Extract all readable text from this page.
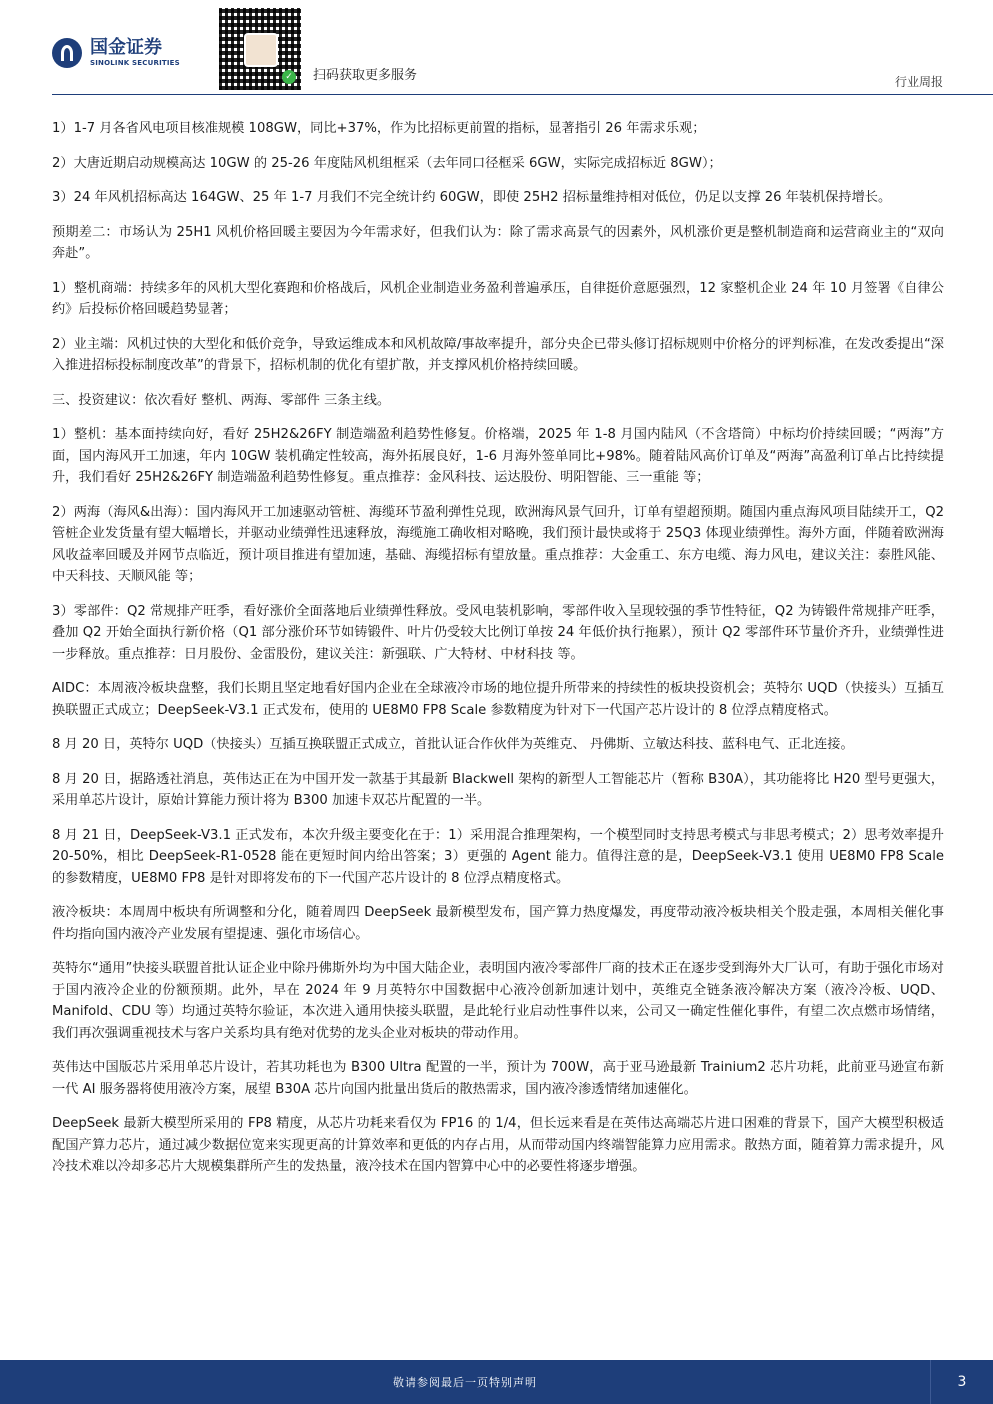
国金证券
SINOLINK SECURITIES
✓ 扫码获取更多服务	行业周报

1）1-7 月各省风电项目核准规模 108GW，同比+37%，作为比招标更前置的指标，显著指引 26 年需求乐观；

2）大唐近期启动规模高达 10GW 的 25-26 年度陆风机组框采（去年同口径框采 6GW，实际完成招标近 8GW）；

3）24 年风机招标高达 164GW、25 年 1-7 月我们不完全统计约 60GW，即使 25H2 招标量维持相对低位，仍足以支撑 26 年装机保持增长。

预期差二：市场认为 25H1 风机价格回暖主要因为今年需求好，但我们认为：除了需求高景气的因素外，风机涨价更是整机制造商和运营商业主的“双向奔赴”。

1）整机商端：持续多年的风机大型化赛跑和价格战后，风机企业制造业务盈利普遍承压，自律挺价意愿强烈，12 家整机企业 24 年 10 月签署《自律公约》后投标价格回暖趋势显著；

2）业主端：风机过快的大型化和低价竞争，导致运维成本和风机故障/事故率提升，部分央企已带头修订招标规则中价格分的评判标准，在发改委提出“深入推进招标投标制度改革”的背景下，招标机制的优化有望扩散，并支撑风机价格持续回暖。

三、投资建议：依次看好 整机、两海、零部件 三条主线。

1）整机：基本面持续向好，看好 25H2&26FY 制造端盈利趋势性修复。价格端，2025 年 1-8 月国内陆风（不含塔筒）中标均价持续回暖；“两海”方面，国内海风开工加速，年内 10GW 装机确定性较高，海外拓展良好，1-6 月海外签单同比+98%。随着陆风高价订单及“两海”高盈利订单占比持续提升，我们看好 25H2&26FY 制造端盈利趋势性修复。重点推荐：金风科技、运达股份、明阳智能、三一重能 等；

2）两海（海风&出海）：国内海风开工加速驱动管桩、海缆环节盈利弹性兑现，欧洲海风景气回升，订单有望超预期。随国内重点海风项目陆续开工，Q2 管桩企业发货量有望大幅增长，并驱动业绩弹性迅速释放，海缆施工确收相对略晚，我们预计最快或将于 25Q3 体现业绩弹性。海外方面，伴随着欧洲海风收益率回暖及并网节点临近，预计项目推进有望加速，基础、海缆招标有望放量。重点推荐：大金重工、东方电缆、海力风电，建议关注：泰胜风能、中天科技、天顺风能 等；

3）零部件：Q2 常规排产旺季，看好涨价全面落地后业绩弹性释放。受风电装机影响，零部件收入呈现较强的季节性特征，Q2 为铸锻件常规排产旺季，叠加 Q2 开始全面执行新价格（Q1 部分涨价环节如铸锻件、叶片仍受较大比例订单按 24 年低价执行拖累），预计 Q2 零部件环节量价齐升，业绩弹性进一步释放。重点推荐：日月股份、金雷股份，建议关注：新强联、广大特材、中材科技 等。

AIDC：本周液冷板块盘整，我们长期且坚定地看好国内企业在全球液冷市场的地位提升所带来的持续性的板块投资机会；英特尔 UQD（快接头）互插互换联盟正式成立；DeepSeek-V3.1 正式发布，使用的 UE8M0 FP8 Scale 参数精度为针对下一代国产芯片设计的 8 位浮点精度格式。

8 月 20 日，英特尔 UQD（快接头）互插互换联盟正式成立，首批认证合作伙伴为英维克、 丹佛斯、立敏达科技、蓝科电气、正北连接。

8 月 20 日，据路透社消息，英伟达正在为中国开发一款基于其最新 Blackwell 架构的新型人工智能芯片（暂称 B30A），其功能将比 H20 型号更强大，采用单芯片设计，原始计算能力预计将为 B300 加速卡双芯片配置的一半。

8 月 21 日，DeepSeek-V3.1 正式发布，本次升级主要变化在于：1）采用混合推理架构，一个模型同时支持思考模式与非思考模式；2）思考效率提升 20-50%，相比 DeepSeek-R1-0528 能在更短时间内给出答案；3）更强的 Agent 能力。值得注意的是，DeepSeek-V3.1 使用 UE8M0 FP8 Scale 的参数精度，UE8M0 FP8 是针对即将发布的下一代国产芯片设计的 8 位浮点精度格式。

液冷板块：本周周中板块有所调整和分化，随着周四 DeepSeek 最新模型发布，国产算力热度爆发，再度带动液冷板块相关个股走强，本周相关催化事件均指向国内液冷产业发展有望提速、强化市场信心。

英特尔“通用”快接头联盟首批认证企业中除丹佛斯外均为中国大陆企业，表明国内液冷零部件厂商的技术正在逐步受到海外大厂认可，有助于强化市场对于国内液冷企业的份额预期。此外，早在 2024 年 9 月英特尔中国数据中心液冷创新加速计划中，英维克全链条液冷解决方案（液冷冷板、UQD、Manifold、CDU 等）均通过英特尔验证，本次进入通用快接头联盟，是此轮行业启动性事件以来，公司又一确定性催化事件，有望二次点燃市场情绪，我们再次强调重视技术与客户关系均具有绝对优势的龙头企业对板块的带动作用。

英伟达中国版芯片采用单芯片设计，若其功耗也为 B300 Ultra 配置的一半，预计为 700W，高于亚马逊最新 Trainium2 芯片功耗，此前亚马逊宣布新一代 AI 服务器将使用液冷方案，展望 B30A 芯片向国内批量出货后的散热需求，国内液冷渗透情绪加速催化。

DeepSeek 最新大模型所采用的 FP8 精度，从芯片功耗来看仅为 FP16 的 1/4，但长远来看是在英伟达高端芯片进口困难的背景下，国产大模型积极适配国产算力芯片，通过减少数据位宽来实现更高的计算效率和更低的内存占用，从而带动国内终端智能算力应用需求。散热方面，随着算力需求提升，风冷技术难以冷却多芯片大规模集群所产生的发热量，液冷技术在国内智算中心中的必要性将逐步增强。

敬请参阅最后一页特别声明	3
